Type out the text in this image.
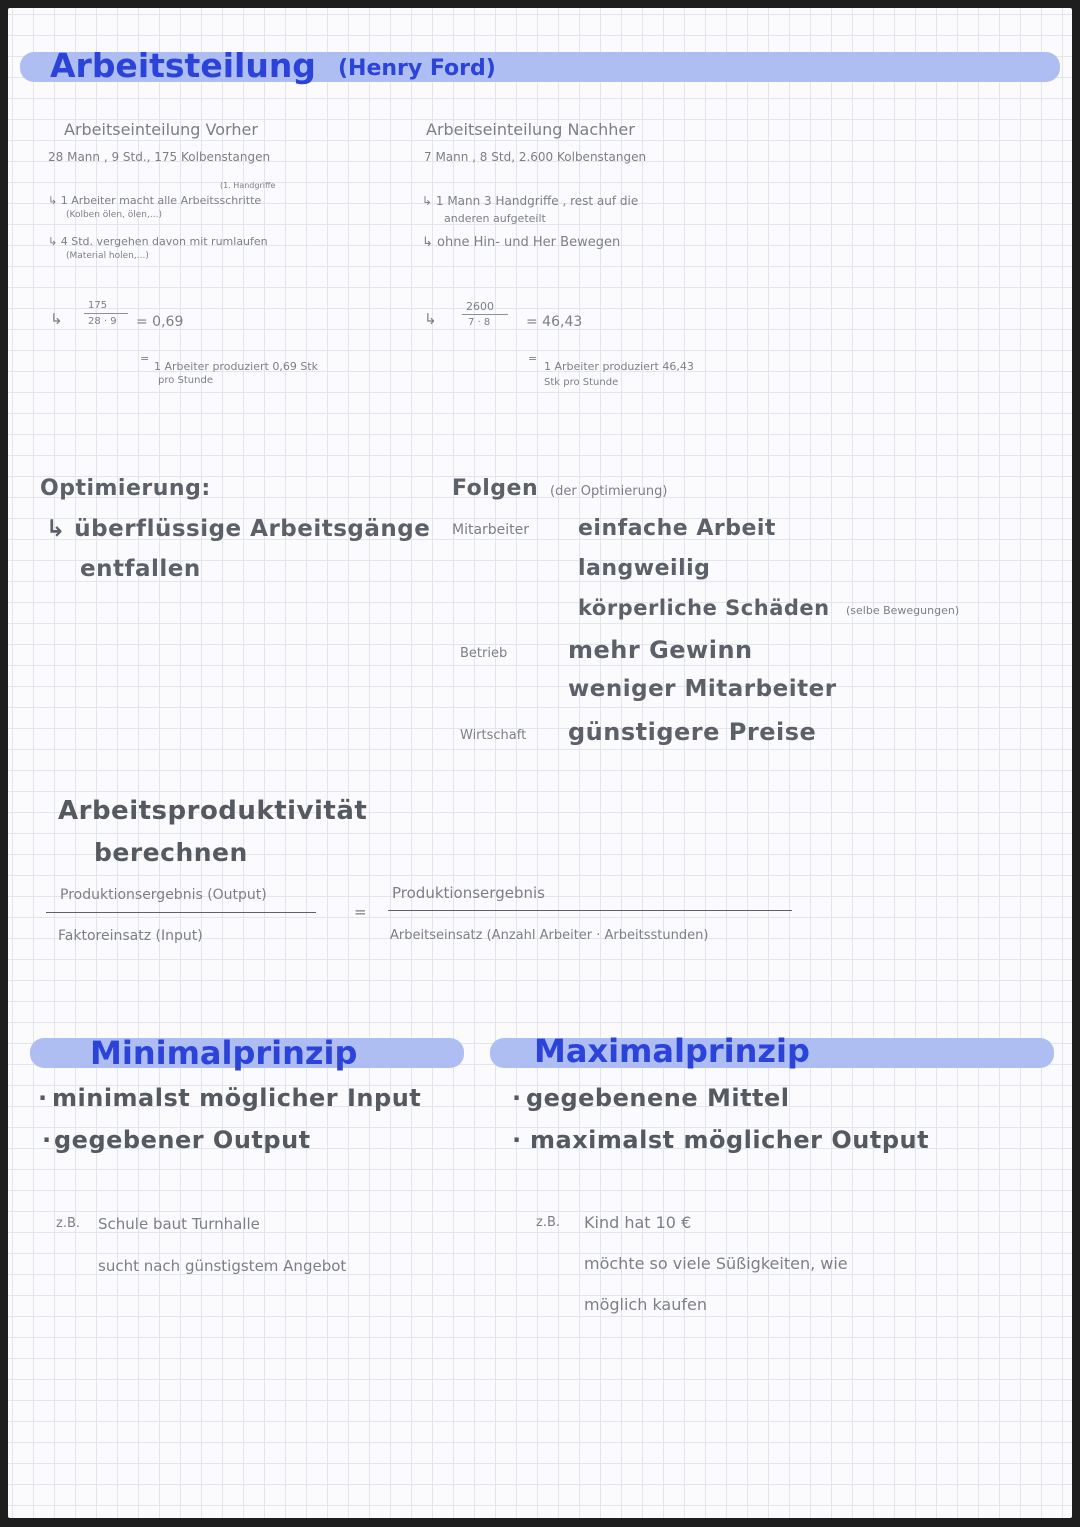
Arbeitsteilung (Henry Ford)
Arbeitseinteilung Vorher
28 Mann , 9 Std., 175 Kolbenstangen
(1. Handgriffe
↳ 1 Arbeiter macht alle Arbeitsschritte
(Kolben ölen, ölen,...)
↳ 4 Std. vergehen davon mit rumlaufen
(Material holen,...)
↳
175
28 · 9 = 0,69
=
1 Arbeiter produziert 0,69 Stk
pro Stunde
Arbeitseinteilung Nachher
7 Mann , 8 Std, 2.600 Kolbenstangen
↳ 1 Mann 3 Handgriffe , rest auf die
anderen aufgeteilt
↳ ohne Hin- und Her Bewegen
↳
2600
7 · 8	= 46,43
=
1 Arbeiter produziert 46,43
Stk pro Stunde
Optimierung:
↳ überflüssige Arbeitsgänge
entfallen
Folgen (der Optimierung)
Mitarbeiter einfache Arbeit
langweilig
körperliche Schäden (selbe Bewegungen)
Betrieb	mehr Gewinn
weniger Mitarbeiter
Wirtschaft günstigere Preise
Arbeitsproduktivität
berechnen
Produktionsergebnis (Output)
Faktoreinsatz (Input)
=
Produktionsergebnis
Arbeitseinsatz (Anzahl Arbeiter · Arbeitsstunden)
Minimalprinzip
· minimalst möglicher Input
· gegebener Output
z.B. Schule baut Turnhalle
sucht nach günstigstem Angebot
Maximalprinzip
· gegebenene Mittel
· maximalst möglicher Output
z.B. Kind hat 10 €
möchte so viele Süßigkeiten, wie
möglich kaufen
